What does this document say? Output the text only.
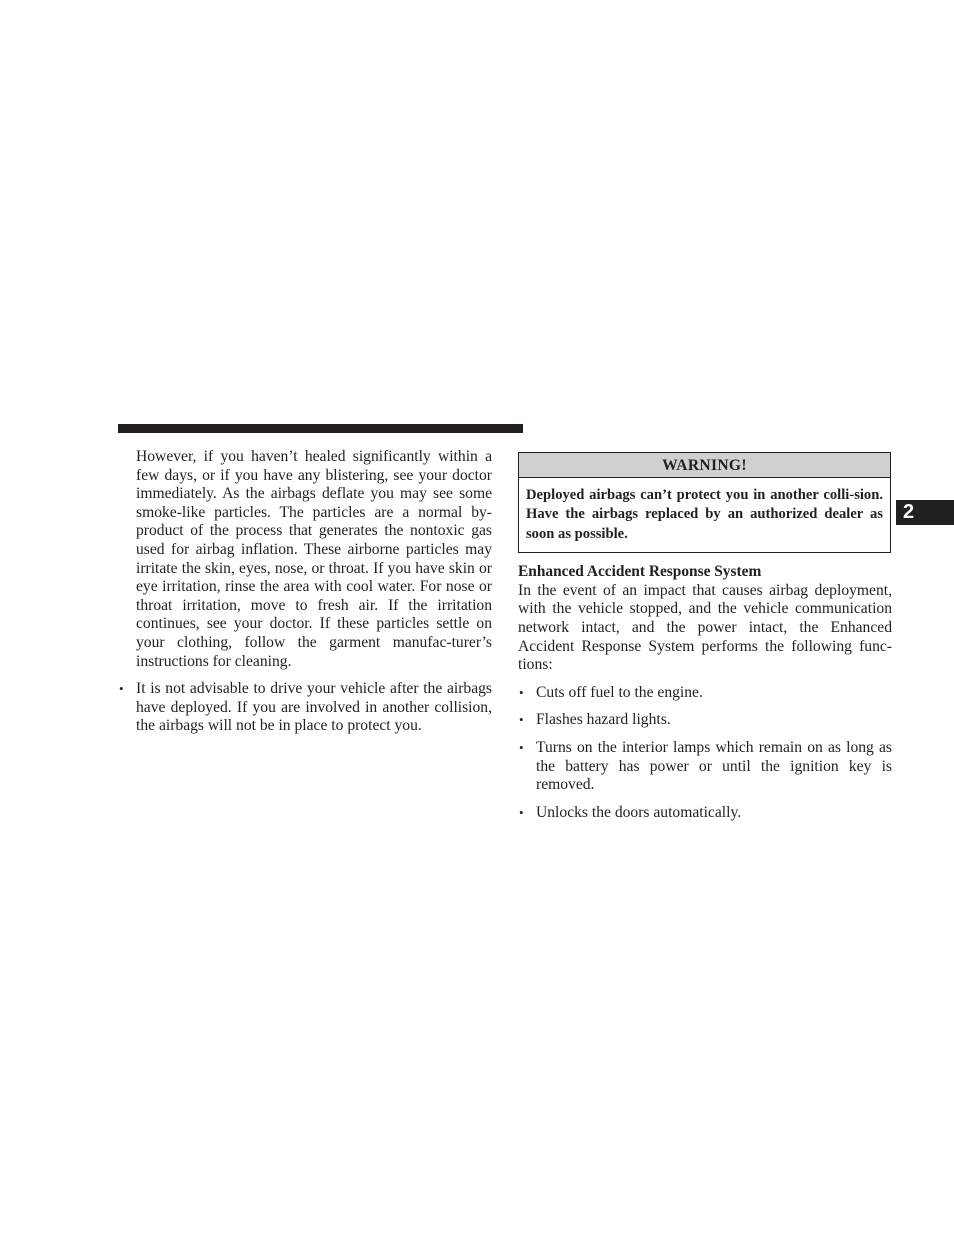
However, if you haven’t healed significantly within a few days, or if you have any blistering, see your doctor immediately. As the airbags deflate you may see some smoke-like particles. The particles are a normal by-product of the process that generates the nontoxic gas used for airbag inflation. These airborne particles may irritate the skin, eyes, nose, or throat. If you have skin or eye irritation, rinse the area with cool water. For nose or throat irritation, move to fresh air. If the irritation continues, see your doctor. If these particles settle on your clothing, follow the garment manufac-turer’s instructions for cleaning.

• It is not advisable to drive your vehicle after the airbags have deployed. If you are involved in another collision, the airbags will not be in place to protect you.
WARNING!
Deployed airbags can’t protect you in another colli-sion. Have the airbags replaced by an authorized dealer as soon as possible.
Enhanced Accident Response System
In the event of an impact that causes airbag deployment, with the vehicle stopped, and the vehicle communication network intact, and the power intact, the Enhanced Accident Response System performs the following func-tions:
• Cuts off fuel to the engine.
• Flashes hazard lights.
• Turns on the interior lamps which remain on as long as the battery has power or until the ignition key is removed.
• Unlocks the doors automatically.
2
